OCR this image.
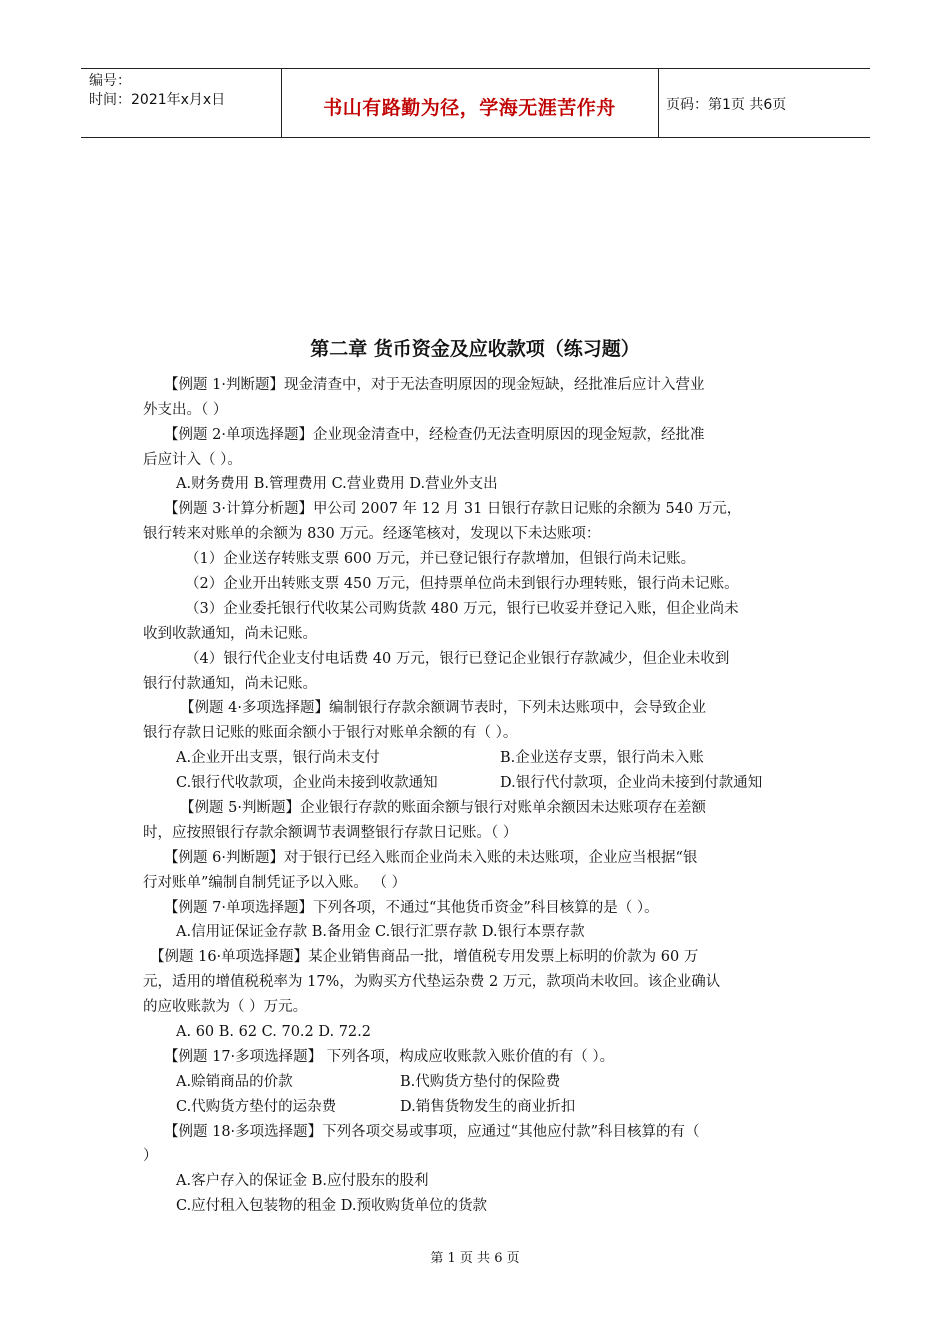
编号：
时间：2021年x月x日	书山有路勤为径，学海无涯苦作舟	页码：第1页 共6页
第二章 货币资金及应收款项（练习题）
【例题 1·判断题】现金清查中，对于无法查明原因的现金短缺，经批准后应计入营业
外支出。（ ）
【例题 2·单项选择题】企业现金清查中，经检查仍无法查明原因的现金短款，经批准
后应计入（ ）。
A.财务费用 B.管理费用 C.营业费用 D.营业外支出
【例题 3·计算分析题】甲公司 2007 年 12 月 31 日银行存款日记账的余额为 540 万元，
银行转来对账单的余额为 830 万元。经逐笔核对，发现以下未达账项：
（1）企业送存转账支票 600 万元，并已登记银行存款增加，但银行尚未记账。
（2）企业开出转账支票 450 万元，但持票单位尚未到银行办理转账，银行尚未记账。
（3）企业委托银行代收某公司购货款 480 万元，银行已收妥并登记入账，但企业尚未
收到收款通知，尚未记账。
（4）银行代企业支付电话费 40 万元，银行已登记企业银行存款减少，但企业未收到
银行付款通知，尚未记账。
【例题 4·多项选择题】编制银行存款余额调节表时，下列未达账项中，会导致企业
银行存款日记账的账面余额小于银行对账单余额的有（ ）。
A.企业开出支票，银行尚未支付	B.企业送存支票，银行尚未入账
C.银行代收款项，企业尚未接到收款通知	D.银行代付款项，企业尚未接到付款通知
【例题 5·判断题】企业银行存款的账面余额与银行对账单余额因未达账项存在差额
时，应按照银行存款余额调节表调整银行存款日记账。（ ）
【例题 6·判断题】对于银行已经入账而企业尚未入账的未达账项，企业应当根据“银
行对账单”编制自制凭证予以入账。 （ ）
【例题 7·单项选择题】下列各项，不通过“其他货币资金”科目核算的是（ ）。
A.信用证保证金存款 B.备用金 C.银行汇票存款 D.银行本票存款
【例题 16·单项选择题】某企业销售商品一批，增值税专用发票上标明的价款为 60 万
元，适用的增值税税率为 17%，为购买方代垫运杂费 2 万元，款项尚未收回。该企业确认
的应收账款为（ ）万元。
A. 60 B. 62 C. 70.2 D. 72.2
【例题 17·多项选择题】 下列各项，构成应收账款入账价值的有（ ）。
A.赊销商品的价款	B.代购货方垫付的保险费
C.代购货方垫付的运杂费	D.销售货物发生的商业折扣
【例题 18·多项选择题】下列各项交易或事项，应通过“其他应付款”科目核算的有（
）
A.客户存入的保证金 B.应付股东的股利
C.应付租入包装物的租金 D.预收购货单位的货款
第 1 页 共 6 页
